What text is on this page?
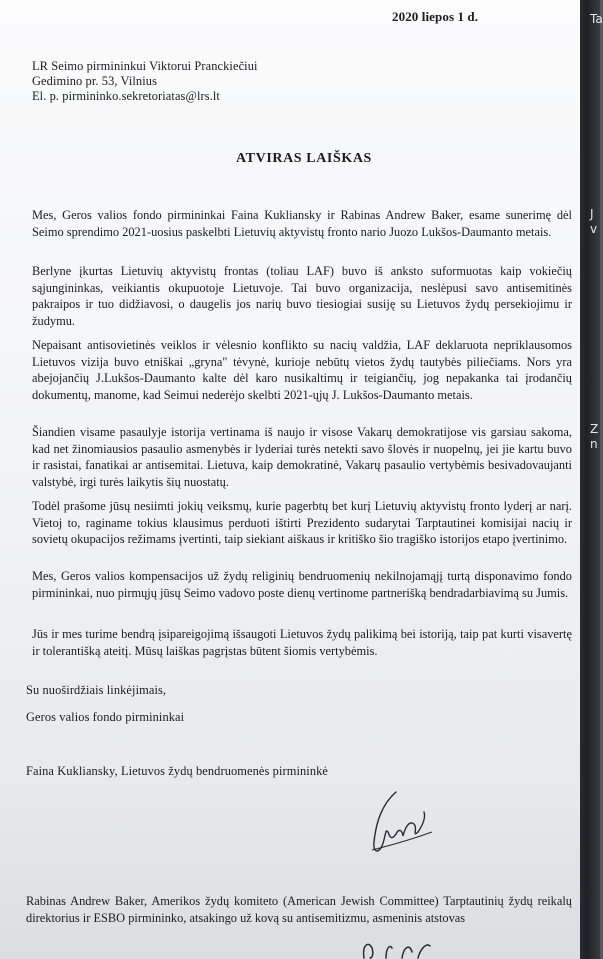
Ta
J
v
Z
n

2020 liepos 1 d.

LR Seimo pirmininkui Viktorui Pranckiečiui

Gedimino pr. 53, Vilnius

El. p. pirmininko.sekretoriatas@lrs.lt

ATVIRAS LAIŠKAS

Mes, Geros valios fondo pirmininkai Faina Kukliansky ir Rabinas Andrew Baker, esame sunerimę dėl Seimo sprendimo 2021-uosius paskelbti Lietuvių aktyvistų fronto nario Juozo Lukšos-Daumanto metais.

Berlyne įkurtas Lietuvių aktyvistų frontas (toliau LAF) buvo iš anksto suformuotas kaip vokiečių sąjungininkas, veikiantis okupuotoje Lietuvoje. Tai buvo organizacija, neslėpusi savo antisemitinės pakraipos ir tuo didžiavosi, o daugelis jos narių buvo tiesiogiai susiję su Lietuvos žydų persekiojimu ir žudymu.

Nepaisant antisovietinės veiklos ir vėlesnio konflikto su nacių valdžia, LAF deklaruota nepriklausomos Lietuvos vizija buvo etniškai „gryna" tėvynė, kurioje nebūtų vietos žydų tautybės piliečiams. Nors yra abejojančių J.Lukšos-Daumanto kalte dėl karo nusikaltimų ir teigiančių, jog nepakanka tai įrodančių dokumentų, manome, kad Seimui nederėjo skelbti 2021-ųjų J. Lukšos-Daumanto metais.

Šiandien visame pasaulyje istorija vertinama iš naujo ir visose Vakarų demokratijose vis garsiau sakoma, kad net žinomiausios pasaulio asmenybės ir lyderiai turės netekti savo šlovės ir nuopelnų, jei jie kartu buvo ir rasistai, fanatikai ar antisemitai. Lietuva, kaip demokratinė, Vakarų pasaulio vertybėmis besivadovaujanti valstybė, irgi turės laikytis šių nuostatų.

Todėl prašome jūsų nesiimti jokių veiksmų, kurie pagerbtų bet kurį Lietuvių aktyvistų fronto lyderį ar narį. Vietoj to, raginame tokius klausimus perduoti ištirti Prezidento sudarytai Tarptautinei komisijai nacių ir sovietų okupacijos režimams įvertinti, taip siekiant aiškaus ir kritiško šio tragiško istorijos etapo įvertinimo.

Mes, Geros valios kompensacijos už žydų religinių bendruomenių nekilnojamąjį turtą disponavimo fondo pirmininkai, nuo pirmųjų jūsų Seimo vadovo poste dienų vertinome partnerišką bendradarbiavimą su Jumis.

Jūs ir mes turime bendrą įsipareigojimą išsaugoti Lietuvos žydų palikimą bei istoriją, taip pat kurti visavertę ir tolerantišką ateitį. Mūsų laiškas pagrįstas būtent šiomis vertybėmis.

Su nuoširdžiais linkėjimais,

Geros valios fondo pirmininkai

Faina Kukliansky, Lietuvos žydų bendruomenės pirmininkė

Rabinas Andrew Baker, Amerikos žydų komiteto (American Jewish Committee) Tarptautinių žydų reikalų direktorius ir ESBO pirmininko, atsakingo už kovą su antisemitizmu, asmeninis atstovas
